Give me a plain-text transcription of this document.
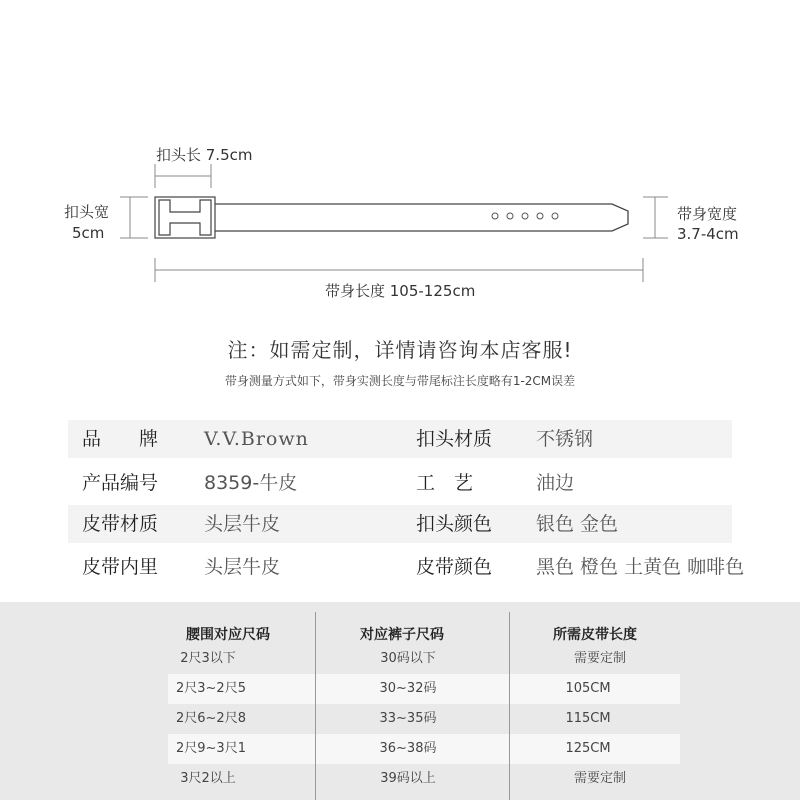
扣头长 7.5cm
扣头宽
5cm
带身宽度
3.7-4cm
带身长度 105-125cm
注：如需定制，详情请咨询本店客服!
带身测量方式如下，带身实测长度与带尾标注长度略有1-2CM误差
品　　牌 V.V.Brown	扣头材质 不锈钢
产品编号 8359-牛皮	工　艺	油边
皮带材质 头层牛皮	扣头颜色 银色 金色
皮带内里 头层牛皮	皮带颜色 黑色 橙色 土黄色 咖啡色
腰围对应尺码	对应裤子尺码	所需皮带长度
2尺3以下	30码以下	需要定制
2尺3~2尺5	30~32码	105CM
2尺6~2尺8	33~35码	115CM
2尺9~3尺1	36~38码	125CM
3尺2以上	39码以上	需要定制
